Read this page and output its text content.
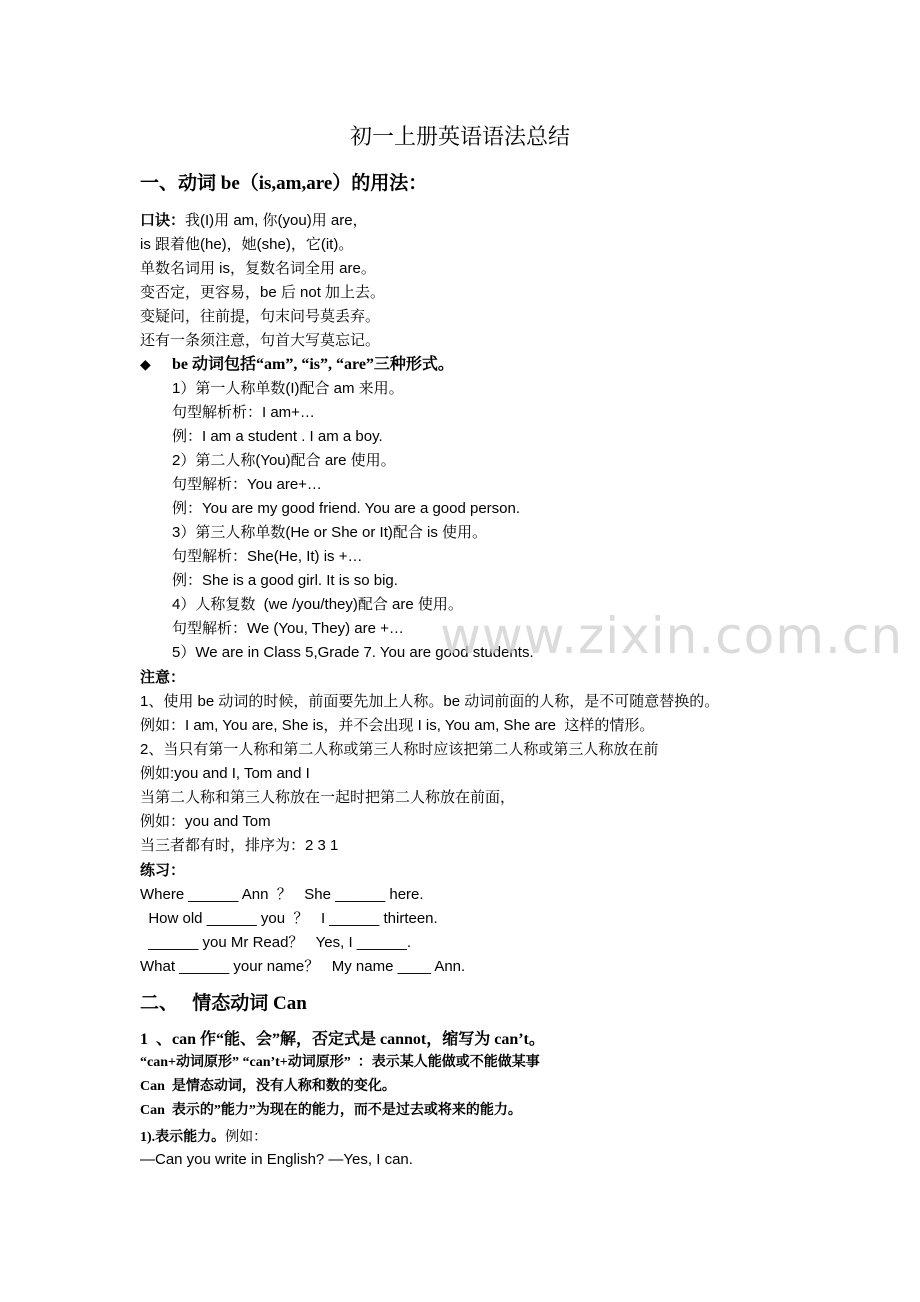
初一上册英语语法总结
一、动词 be（is,am,are）的用法：
口诀：我(I)用 am, 你(you)用 are，
is 跟着他(he)，她(she)，它(it)。
单数名词用 is，复数名词全用 are。
变否定，更容易，be 后 not 加上去。
变疑问，往前提，句末问号莫丢弃。
还有一条须注意，句首大写莫忘记。
◆ be 动词包括“am”, “is”, “are”三种形式。
1）第一人称单数(I)配合 am 来用。
句型解析析：I am+…
例：I am a student . I am a boy.
2）第二人称(You)配合 are 使用。
句型解析：You are+…
例：You are my good friend. You are a good person.
3）第三人称单数(He or She or It)配合 is 使用。
句型解析：She(He, It) is +…
例：She is a good girl. It is so big.
4）人称复数  (we /you/they)配合 are 使用。
句型解析：We (You, They) are +…
5）We are in Class 5,Grade 7. You are good students.
注意：
1、使用 be 动词的时候，前面要先加上人称。be 动词前面的人称，是不可随意替换的。
例如：I am, You are, She is，并不会出现 I is, You am, She are  这样的情形。
2、当只有第一人称和第二人称或第三人称时应该把第二人称或第三人称放在前
例如:you and I, Tom and I
当第二人称和第三人称放在一起时把第二人称放在前面，
例如：you and Tom
当三者都有时，排序为：2 3 1
练习：
Where ______ Ann  ？   She ______ here.
How old ______ you  ？   I ______ thirteen.
______ you Mr Read？   Yes, I ______.
What ______ your name？   My name ____ Ann.
二、   情态动词 Can
1  、can 作“能、会”解，否定式是 cannot，缩写为 can’t。
“can+动词原形” “can’t+动词原形”  ：表示某人能做或不能做某事
Can  是情态动词，没有人称和数的变化。
Can  表示的”能力”为现在的能力，而不是过去或将来的能力。
1).表示能力。例如：
—Can you write in English? —Yes, I can.
www.zixin.com.cn
